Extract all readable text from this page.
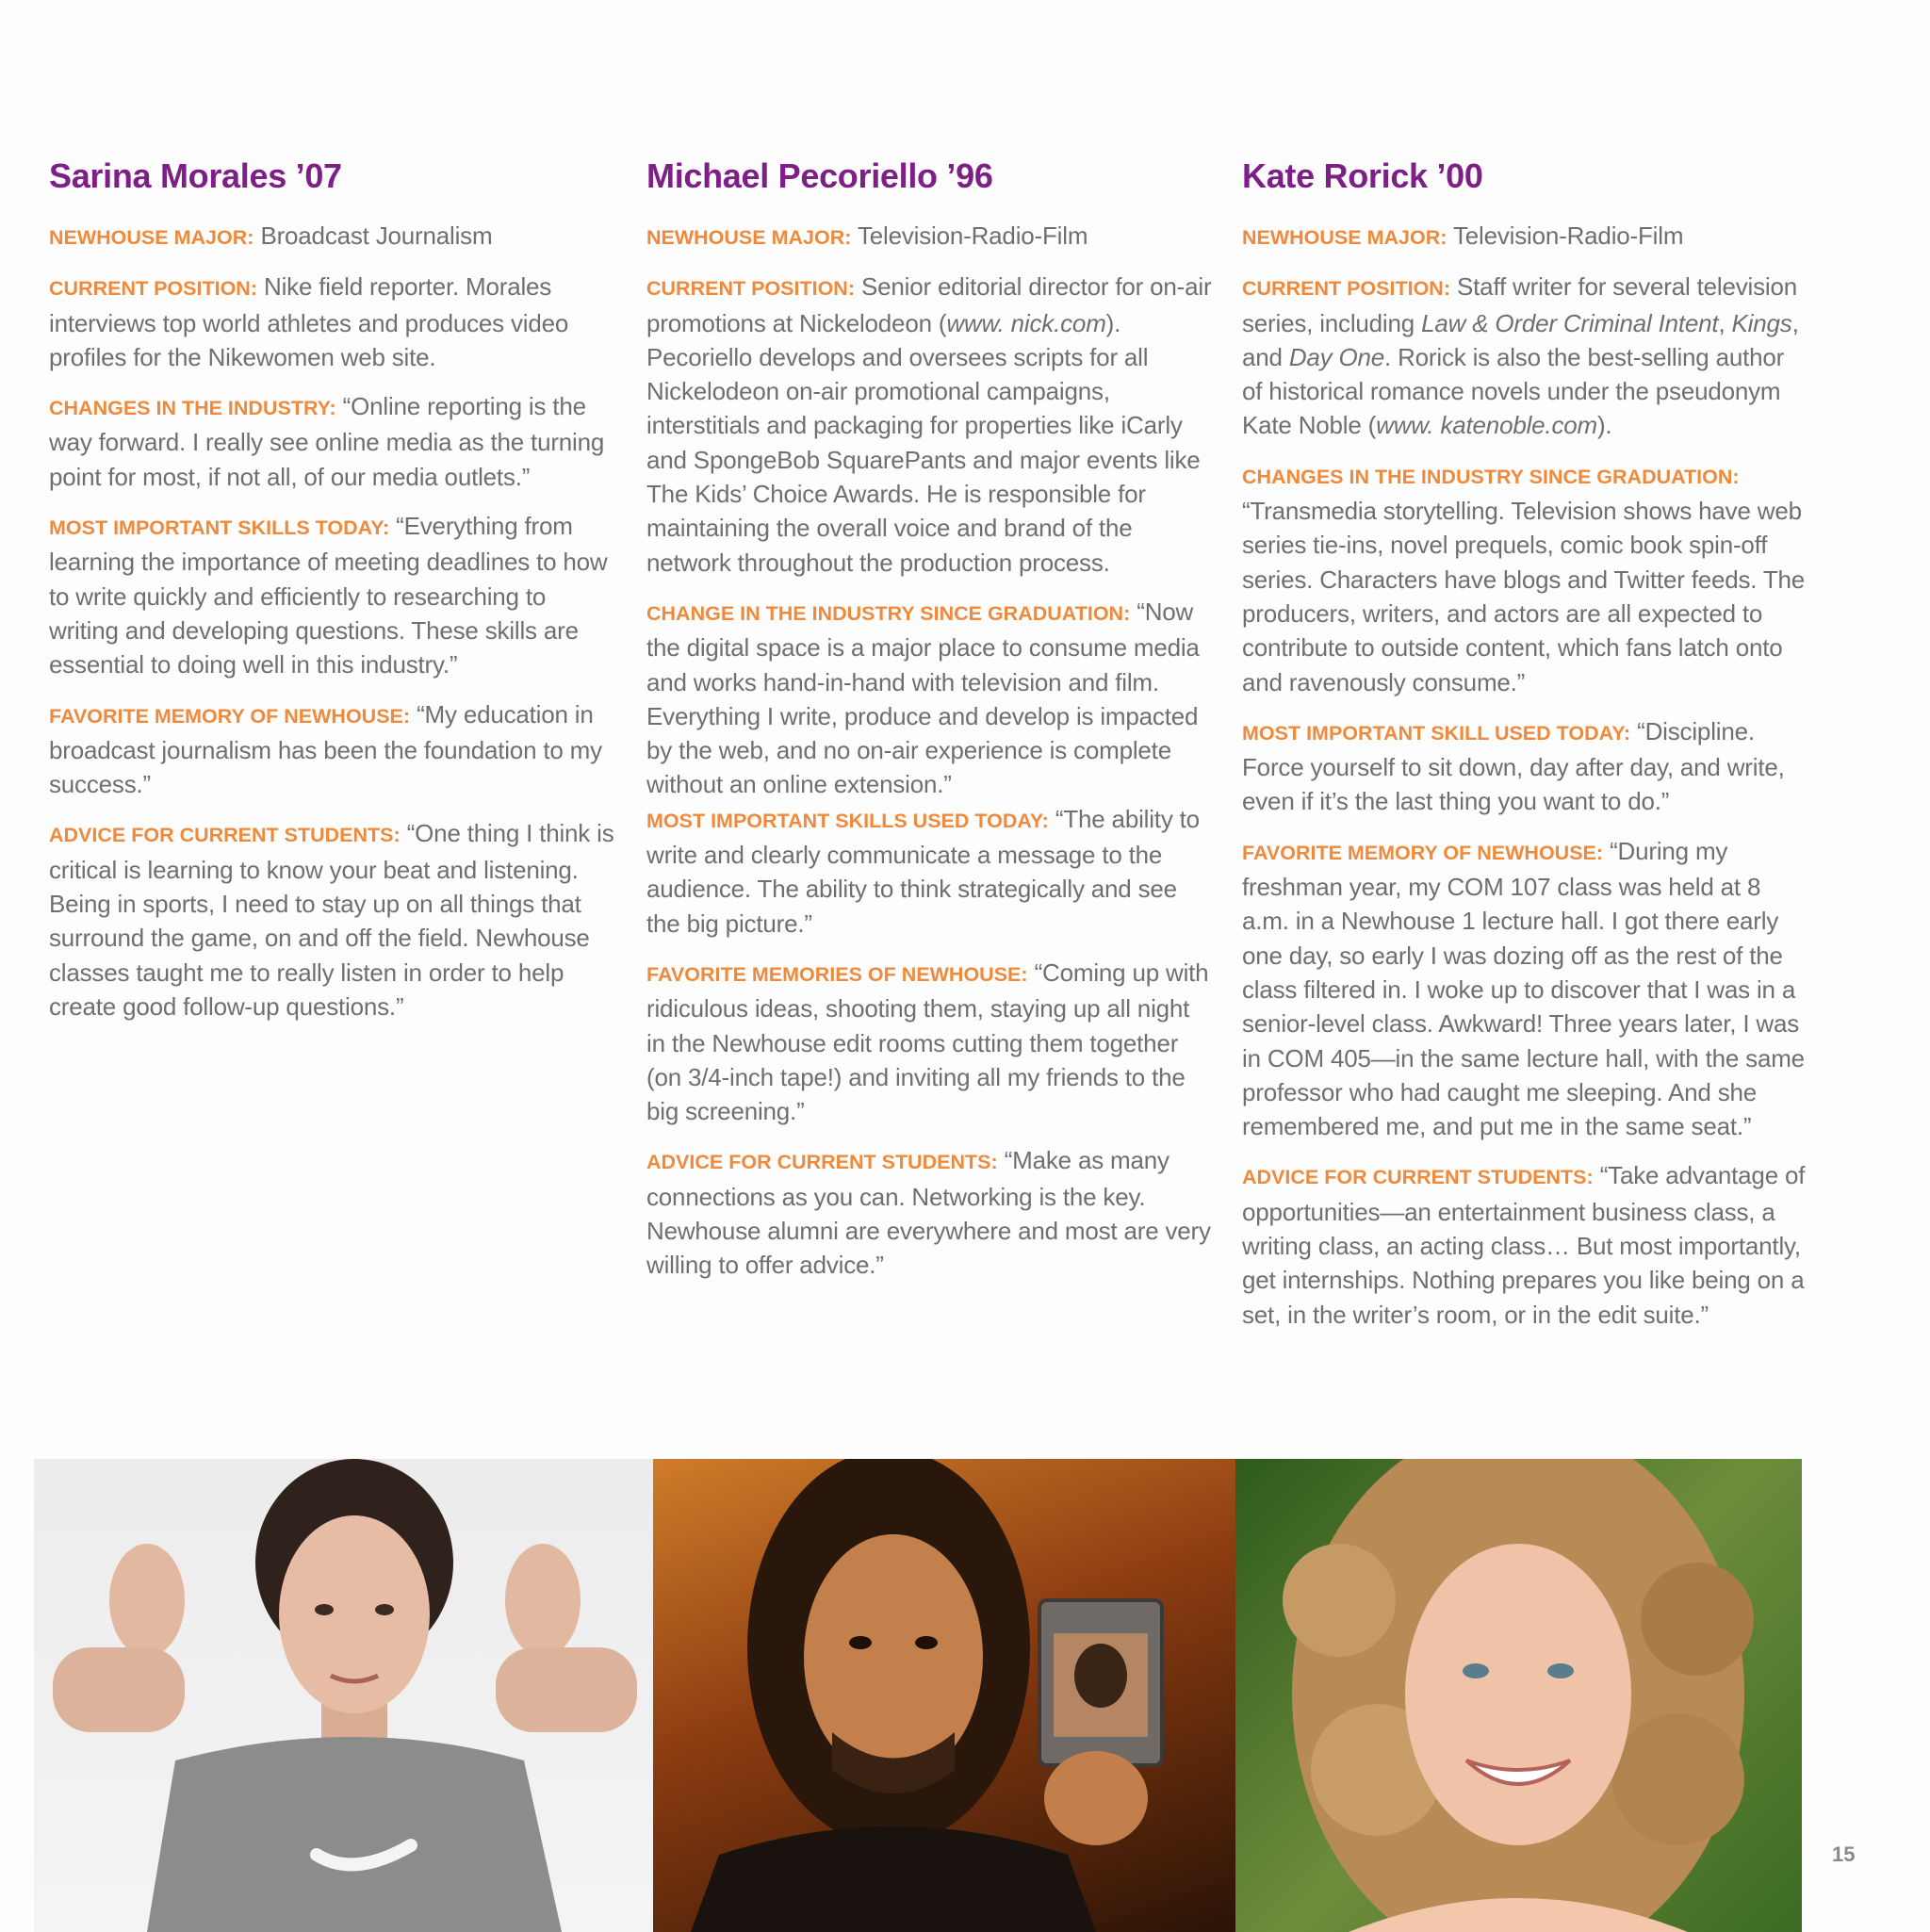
Sarina Morales ’07

NEWHOUSE MAJOR: Broadcast Journalism

CURRENT POSITION: Nike field reporter. Morales interviews top world athletes and produces video profiles for the Nikewomen web site.

CHANGES IN THE INDUSTRY: “Online reporting is the way forward. I really see online media as the turning point for most, if not all, of our media outlets.”

MOST IMPORTANT SKILLS TODAY: “Everything from learning the importance of meeting deadlines to how to write quickly and efficiently to researching to writing and developing questions. These skills are essential to doing well in this industry.”

FAVORITE MEMORY OF NEWHOUSE: “My education in broadcast journalism has been the foundation to my success.”

ADVICE FOR CURRENT STUDENTS: “One thing I think is critical is learning to know your beat and listening. Being in sports, I need to stay up on all things that surround the game, on and off the field. Newhouse classes taught me to really listen in order to help create good follow-up questions.”

Michael Pecoriello ’96

NEWHOUSE MAJOR: Television-Radio-Film

CURRENT POSITION: Senior editorial director for on-air promotions at Nickelodeon (www. nick.com). Pecoriello develops and oversees scripts for all Nickelodeon on-air promotional campaigns, interstitials and packaging for properties like iCarly and SpongeBob SquarePants and major events like The Kids’ Choice Awards. He is responsible for maintaining the overall voice and brand of the network throughout the production process.

CHANGE IN THE INDUSTRY SINCE GRADUATION: “Now the digital space is a major place to consume media and works hand-in-hand with television and film. Everything I write, produce and develop is impacted by the web, and no on-air experience is complete without an online extension.”

MOST IMPORTANT SKILLS USED TODAY: “The ability to write and clearly communicate a message to the audience. The ability to think strategically and see the big picture.”

FAVORITE MEMORIES OF NEWHOUSE: “Coming up with ridiculous ideas, shooting them, staying up all night in the Newhouse edit rooms cutting them together (on 3/4-inch tape!) and inviting all my friends to the big screening.”

ADVICE FOR CURRENT STUDENTS: “Make as many connections as you can. Networking is the key. Newhouse alumni are everywhere and most are very willing to offer advice.”

Kate Rorick ’00

NEWHOUSE MAJOR: Television-Radio-Film

CURRENT POSITION: Staff writer for several television series, including Law & Order Criminal Intent, Kings, and Day One. Rorick is also the best-selling author of historical romance novels under the pseudonym Kate Noble (www. katenoble.com).

CHANGES IN THE INDUSTRY SINCE GRADUATION: “Transmedia storytelling. Television shows have web series tie-ins, novel prequels, comic book spin-off series. Characters have blogs and Twitter feeds. The producers, writers, and actors are all expected to contribute to outside content, which fans latch onto and ravenously consume.”

MOST IMPORTANT SKILL USED TODAY: “Discipline. Force yourself to sit down, day after day, and write, even if it’s the last thing you want to do.”

FAVORITE MEMORY OF NEWHOUSE: “During my freshman year, my COM 107 class was held at 8 a.m. in a Newhouse 1 lecture hall. I got there early one day, so early I was dozing off as the rest of the class filtered in. I woke up to discover that I was in a senior-level class. Awkward! Three years later, I was in COM 405—in the same lecture hall, with the same professor who had caught me sleeping. And she remembered me, and put me in the same seat.”

ADVICE FOR CURRENT STUDENTS: “Take advantage of opportunities—an entertainment business class, a writing class, an acting class… But most importantly, get internships. Nothing prepares you like being on a set, in the writer’s room, or in the edit suite.”

15
